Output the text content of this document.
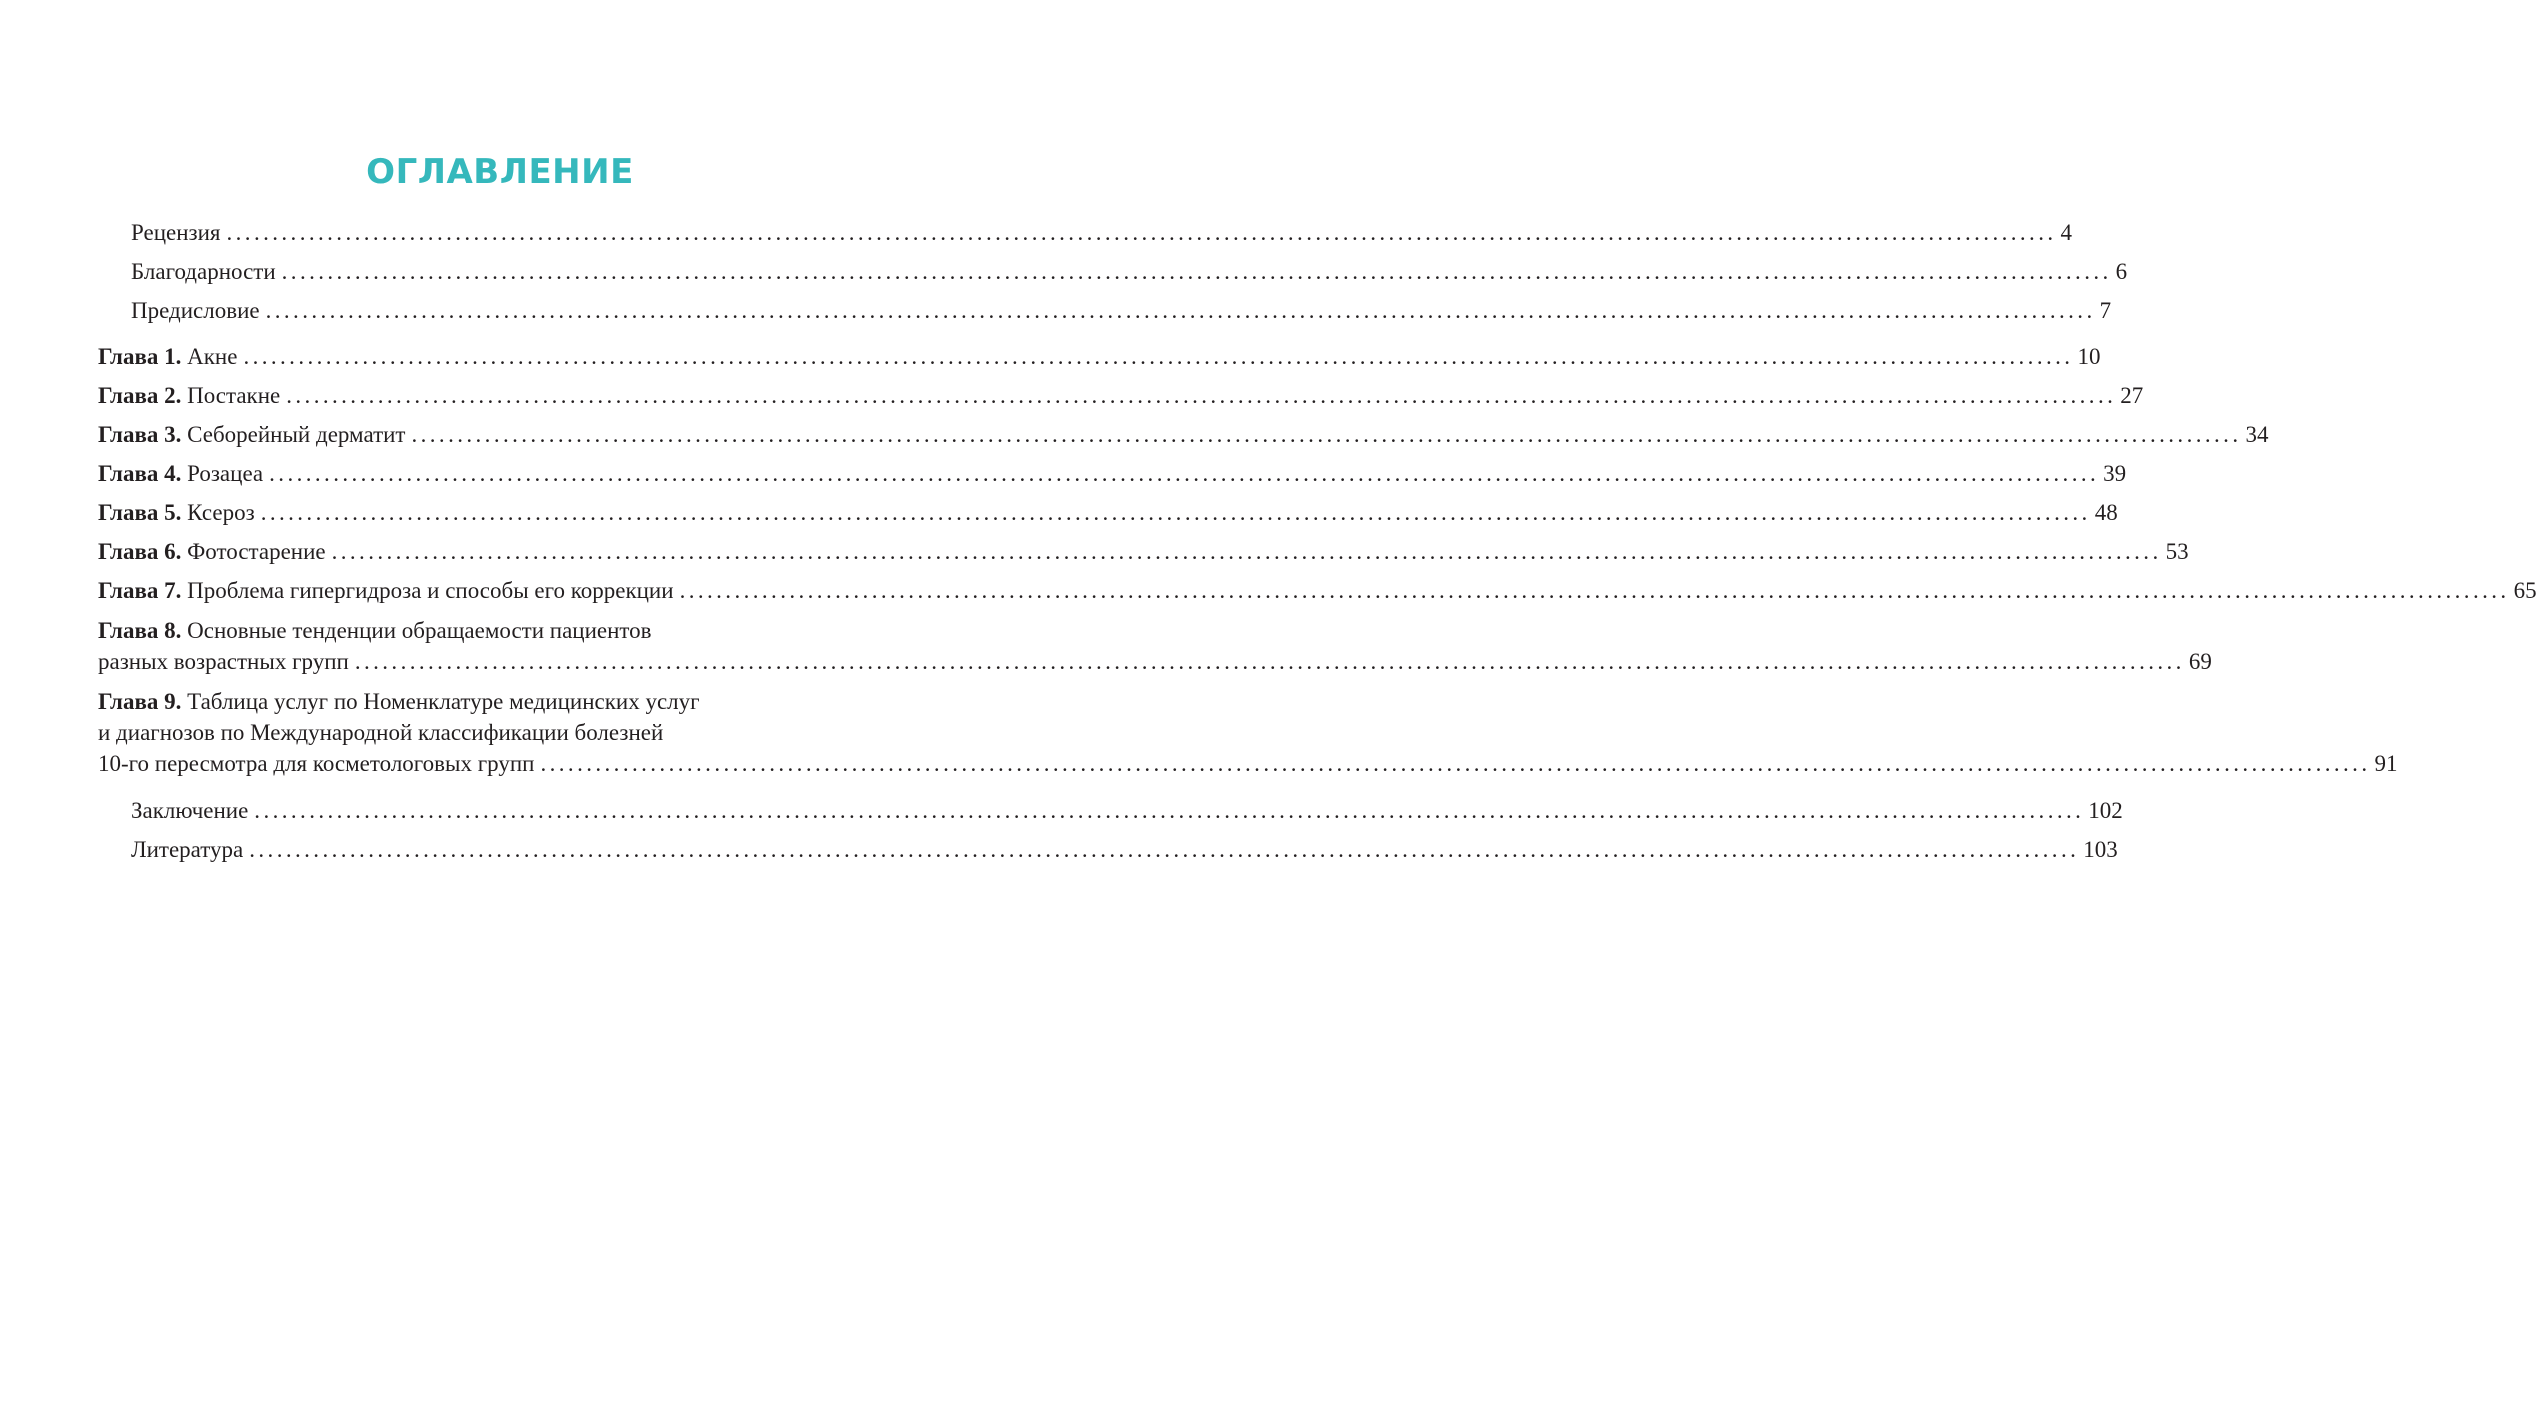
ОГЛАВЛЕНИЕ
Рецензия ........................................................................................................................................................................................................ 4
Благодарности ........................................................................................................................................................................................................ 6
Предисловие ........................................................................................................................................................................................................ 7
Глава 1. Акне ........................................................................................................................................................................................................ 10
Глава 2. Постакне ........................................................................................................................................................................................................ 27
Глава 3. Себорейный дерматит ........................................................................................................................................................................................................ 34
Глава 4. Розацеа ........................................................................................................................................................................................................ 39
Глава 5. Ксероз ........................................................................................................................................................................................................ 48
Глава 6. Фотостарение ........................................................................................................................................................................................................ 53
Глава 7. Проблема гипергидроза и способы его коррекции ........................................................................................................................................................................................................ 65
Глава 8. Основные тенденции обращаемости пациентов
разных возрастных групп ........................................................................................................................................................................................................ 69
Глава 9. Таблица услуг по Номенклатуре медицинских услуг
и диагнозов по Международной классификации болезней
10-го пересмотра для косметологовых групп ........................................................................................................................................................................................................ 91
Заключение ........................................................................................................................................................................................................ 102
Литература ........................................................................................................................................................................................................ 103
